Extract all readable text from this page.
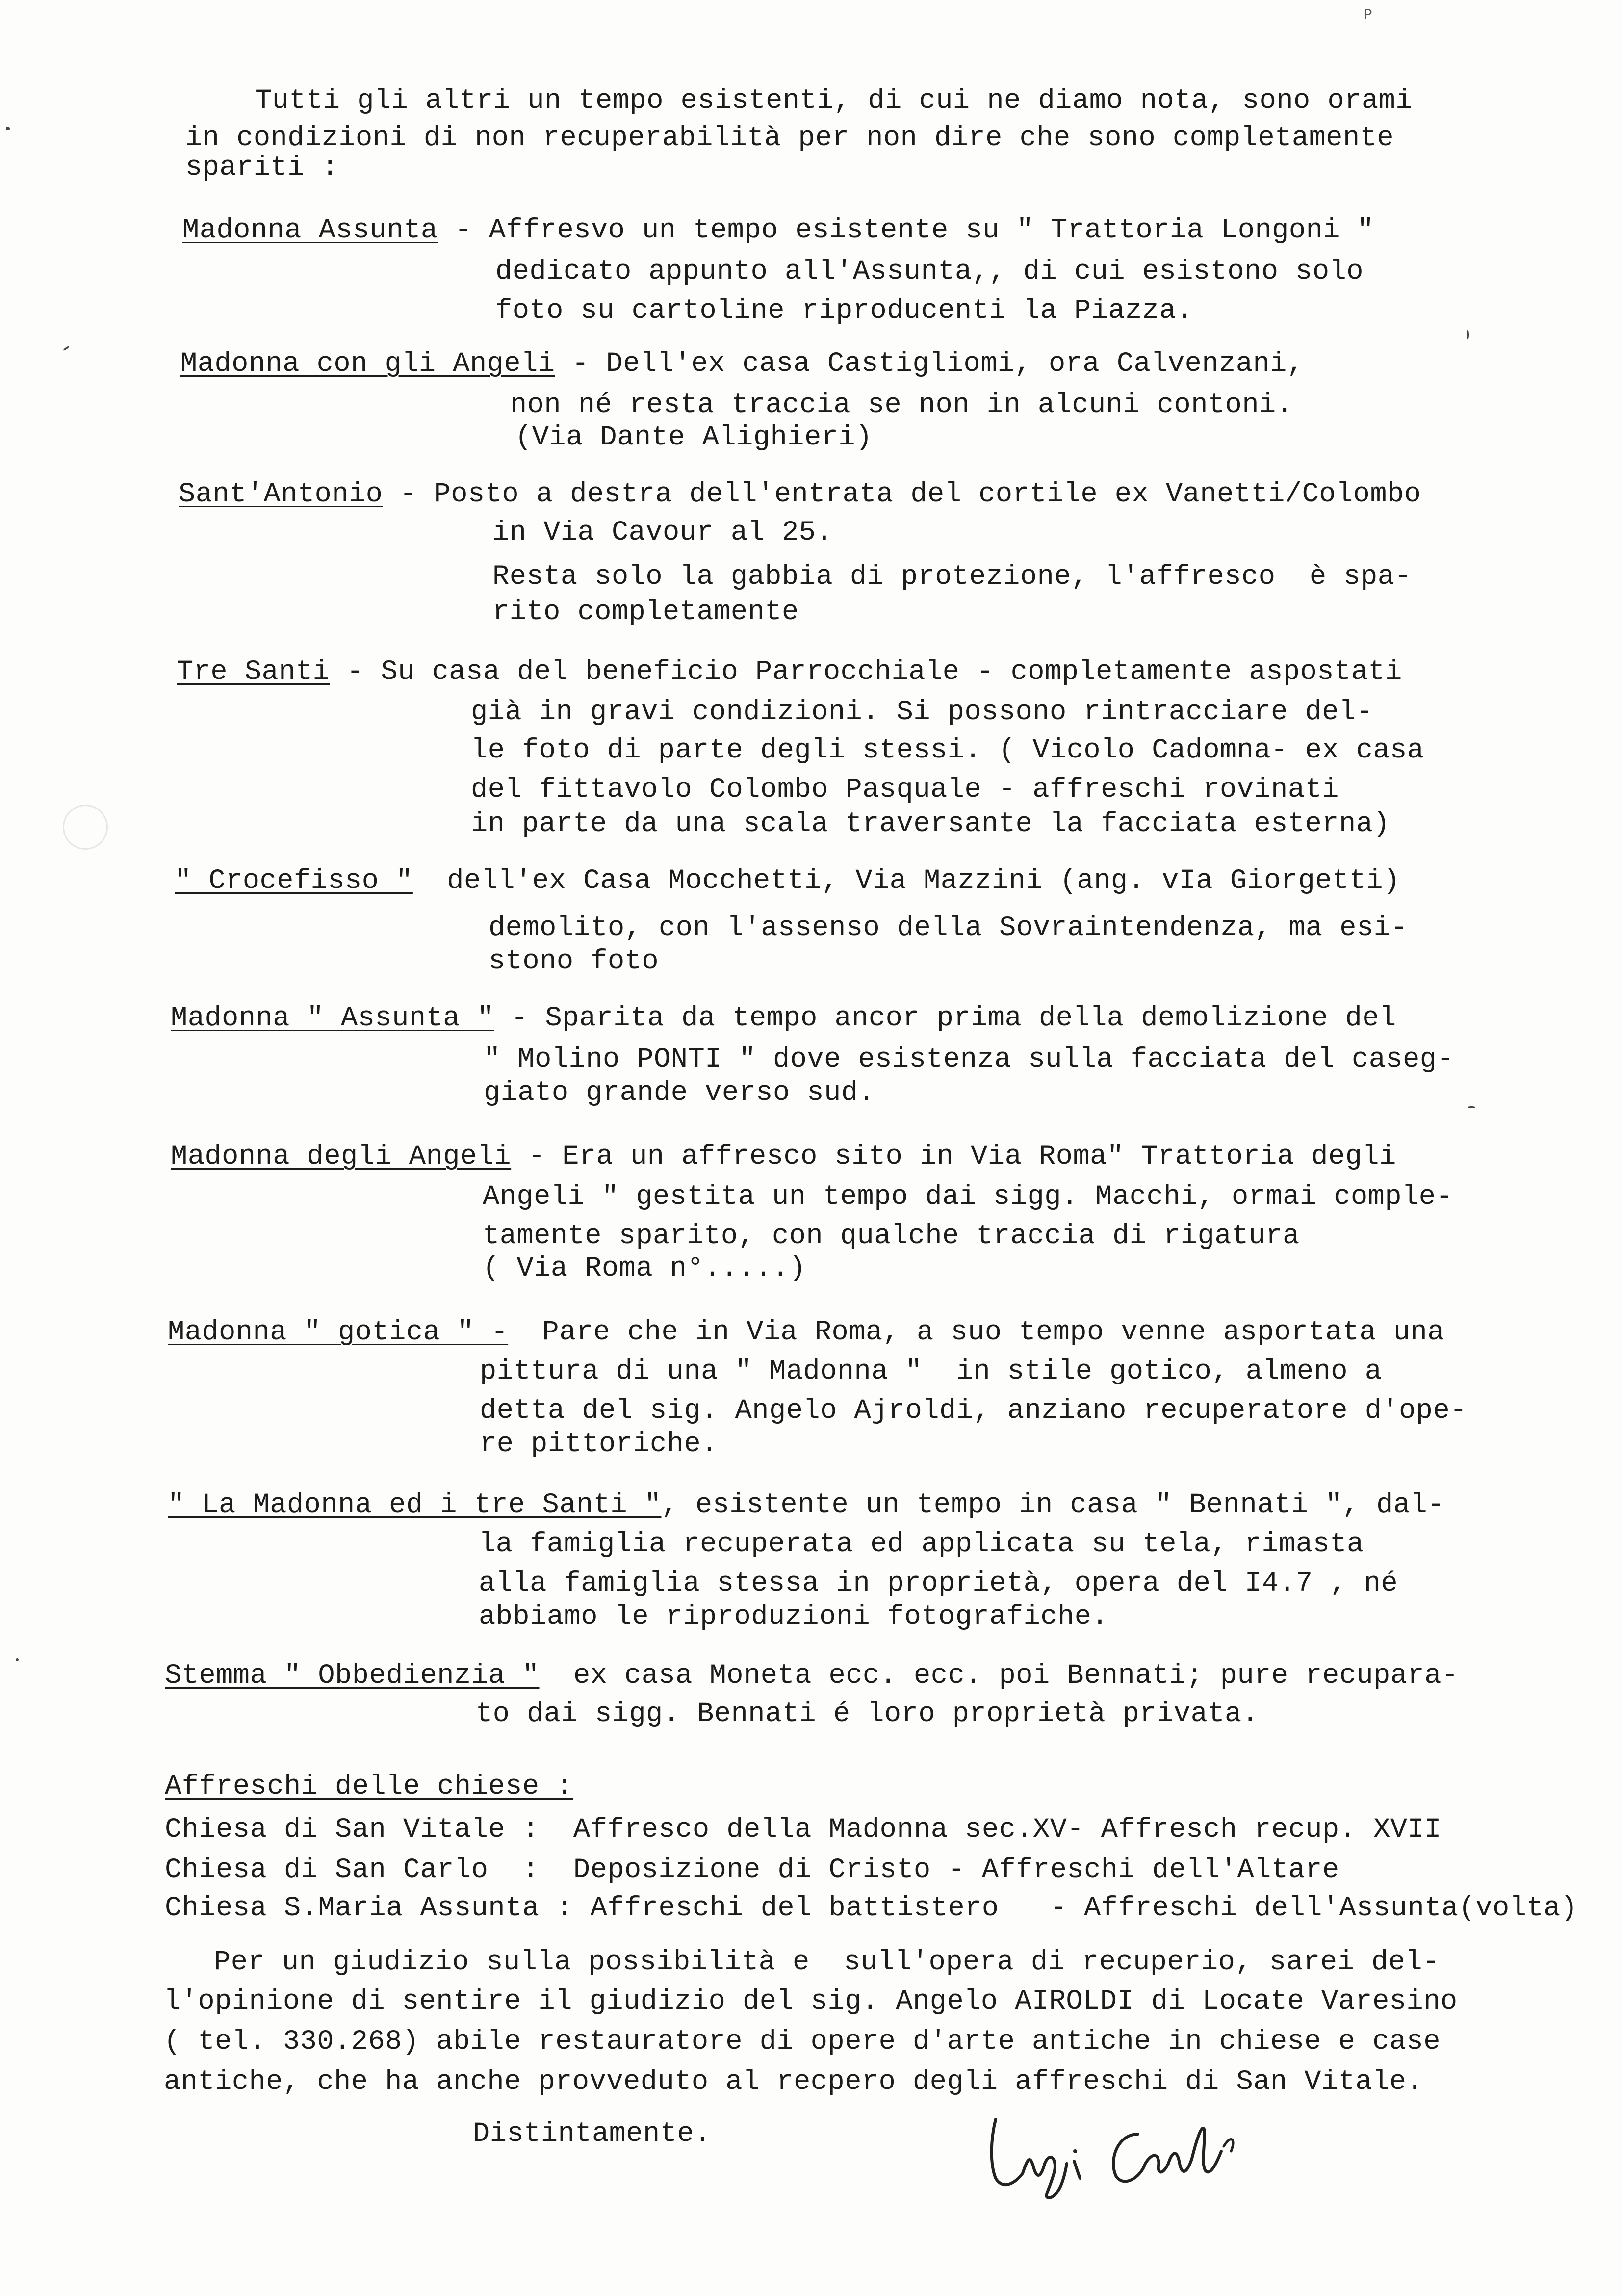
P

Tutti gli altri un tempo esistenti, di cui ne diamo nota, sono orami

in condizioni di non recuperabilità per non dire che sono completamente

spariti :

Madonna Assunta - Affresvo un tempo esistente su " Trattoria Longoni "

dedicato appunto all'Assunta,, di cui esistono solo

foto su cartoline riproducenti la Piazza.

Madonna con gli Angeli - Dell'ex casa Castigliomi, ora Calvenzani,

non né resta traccia se non in alcuni contoni.

(Via Dante Alighieri)

Sant'Antonio - Posto a destra dell'entrata del cortile ex Vanetti/Colombo

in Via Cavour al 25.

Resta solo la gabbia di protezione, l'affresco  è spa-

rito completamente

Tre Santi - Su casa del beneficio Parrocchiale - completamente aspostati

già in gravi condizioni. Si possono rintracciare del-

le foto di parte degli stessi. ( Vicolo Cadomna- ex casa

del fittavolo Colombo Pasquale - affreschi rovinati

in parte da una scala traversante la facciata esterna)

" Crocefisso "  dell'ex Casa Mocchetti, Via Mazzini (ang. vIa Giorgetti)

demolito, con l'assenso della Sovraintendenza, ma esi-

stono foto

Madonna " Assunta " - Sparita da tempo ancor prima della demolizione del

" Molino PONTI " dove esistenza sulla facciata del caseg-

giato grande verso sud.

Madonna degli Angeli - Era un affresco sito in Via Roma" Trattoria degli

Angeli " gestita un tempo dai sigg. Macchi, ormai comple-

tamente sparito, con qualche traccia di rigatura

( Via Roma n°.....)

Madonna " gotica " -  Pare che in Via Roma, a suo tempo venne asportata una

pittura di una " Madonna "  in stile gotico, almeno a

detta del sig. Angelo Ajroldi, anziano recuperatore d'ope-

re pittoriche.

" La Madonna ed i tre Santi ", esistente un tempo in casa " Bennati ", dal-

la famiglia recuperata ed applicata su tela, rimasta

alla famiglia stessa in proprietà, opera del I4.7 , né

abbiamo le riproduzioni fotografiche.

Stemma " Obbedienzia "  ex casa Moneta ecc. ecc. poi Bennati; pure recupara-

to dai sigg. Bennati é loro proprietà privata.

Affreschi delle chiese :

Chiesa di San Vitale :  Affresco della Madonna sec.XV- Affresch recup. XVII

Chiesa di San Carlo  :  Deposizione di Cristo - Affreschi dell'Altare

Chiesa S.Maria Assunta : Affreschi del battistero   - Affreschi dell'Assunta(volta)

Per un giudizio sulla possibilità e  sull'opera di recuperio, sarei del-

l'opinione di sentire il giudizio del sig. Angelo AIROLDI di Locate Varesino

( tel. 330.268) abile restauratore di opere d'arte antiche in chiese e case

antiche, che ha anche provveduto al recpero degli affreschi di San Vitale.

Distintamente.
